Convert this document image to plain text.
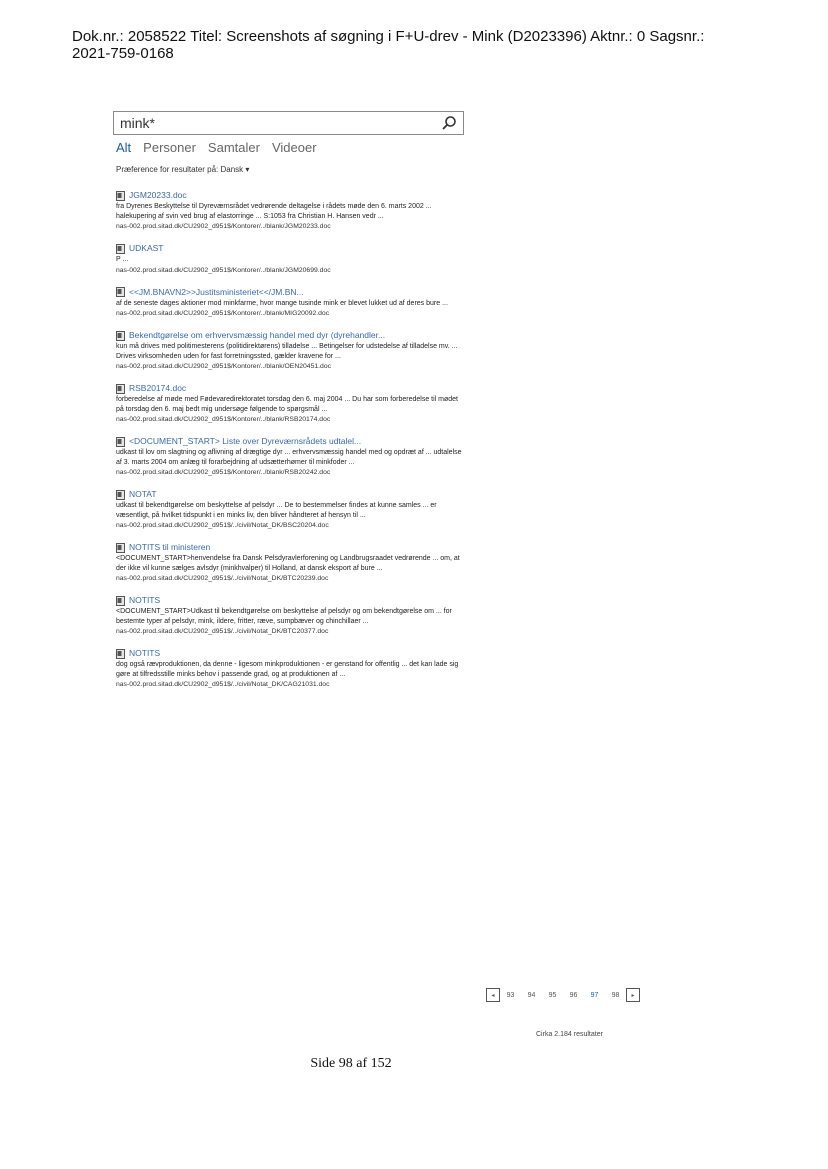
Dok.nr.: 2058522 Titel: Screenshots af søgning i F+U-drev - Mink (D2023396) Aktnr.: 0 Sagsnr.:
2021-759-0168
mink*
Alt Personer Samtaler Videoer
Præference for resultater på: Dansk ▾
JGM20233.doc
fra Dyrenes Beskyttelse til Dyreværnsrådet vedrørende deltagelse i rådets møde den 6. marts 2002 ... halekupering af svin ved brug af elastorringe ... S:1053 fra Christian H. Hansen vedr ...
nas-002.prod.sitad.dk/CU2902_d951$/Kontorer/../blank/JGM20233.doc
UDKAST
P ...
nas-002.prod.sitad.dk/CU2902_d951$/Kontorer/../blank/JGM20699.doc
<<JM.BNAVN2>>Justitsministeriet<</JM.BN...
af de seneste dages aktioner mod minkfarme, hvor mange tusinde mink er blevet lukket ud af deres bure ...
nas-002.prod.sitad.dk/CU2902_d951$/Kontorer/../blank/MIG20092.doc
Bekendtgørelse om erhvervsmæssig handel med dyr (dyrehandler...
kun må drives med politimesterens (politidirektørens) tilladelse ... Betingelser for udstedelse af tilladelse mv. ... Drives virksomheden uden for fast forretningssted, gælder kravene for ...
nas-002.prod.sitad.dk/CU2902_d951$/Kontorer/../blank/OEN20451.doc
RSB20174.doc
forberedelse af møde med Fødevaredirektoratet torsdag den 6. maj 2004 ... Du har som forberedelse til mødet på torsdag den 6. maj bedt mig undersøge følgende to spørgsmål ...
nas-002.prod.sitad.dk/CU2902_d951$/Kontorer/../blank/RSB20174.doc
<DOCUMENT_START> Liste over Dyreværnsrådets udtalel...
udkast til lov om slagtning og aflivning af drægtige dyr ... erhvervsmæssig handel med og opdræt af ... udtalelse af 3. marts 2004 om anlæg til forarbejdning af udsætterhømer til minkfoder ...
nas-002.prod.sitad.dk/CU2902_d951$/Kontorer/../blank/RSB20242.doc
NOTAT
udkast til bekendtgørelse om beskyttelse af pelsdyr ... De to bestemmelser findes at kunne samles ... er væsentligt, på hvilket tidspunkt i en minks liv, den bliver håndteret af hensyn til ...
nas-002.prod.sitad.dk/CU2902_d951$/../civil/Notat_DK/BSC20204.doc
NOTITS til ministeren
<DOCUMENT_START>henvendelse fra Dansk Pelsdyravlerforening og Landbrugsraadet vedrørende ... om, at der ikke vil kunne sælges avlsdyr (minkhvalper) til Holland, at dansk eksport af bure ...
nas-002.prod.sitad.dk/CU2902_d951$/../civil/Notat_DK/BTC20239.doc
NOTITS
<DOCUMENT_START>Udkast til bekendtgørelse om beskyttelse af pelsdyr og om bekendtgørelse om ... for bestemte typer af pelsdyr, mink, ildere, fritter, ræve, sumpbæver og chinchillaer ...
nas-002.prod.sitad.dk/CU2902_d951$/../civil/Notat_DK/BTC20377.doc
NOTITS
dog også rævproduktionen, da denne - ligesom minkproduktionen - er genstand for offentlig ... det kan lade sig gøre at tilfredsstille minks behov i passende grad, og at produktionen af ...
nas-002.prod.sitad.dk/CU2902_d951$/../civil/Notat_DK/CAG21031.doc
◂	93	94	95	96	97	98	▸
Cirka 2.184 resultater
Side 98 af 152
